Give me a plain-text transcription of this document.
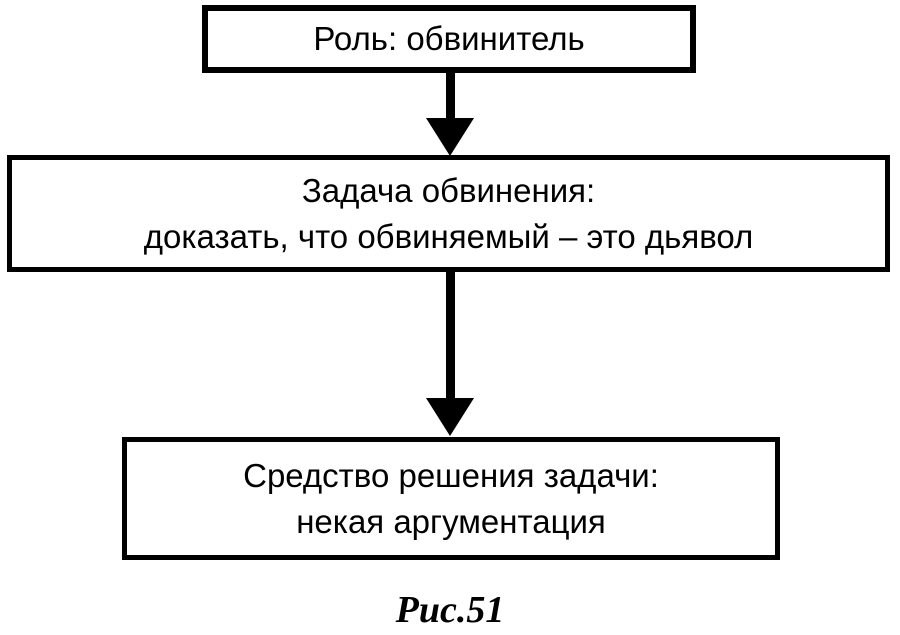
Роль: обвинитель
Задача обвинения:
доказать, что обвиняемый – это дьявол
Средство решения задачи:
некая аргументация
Рис.51
